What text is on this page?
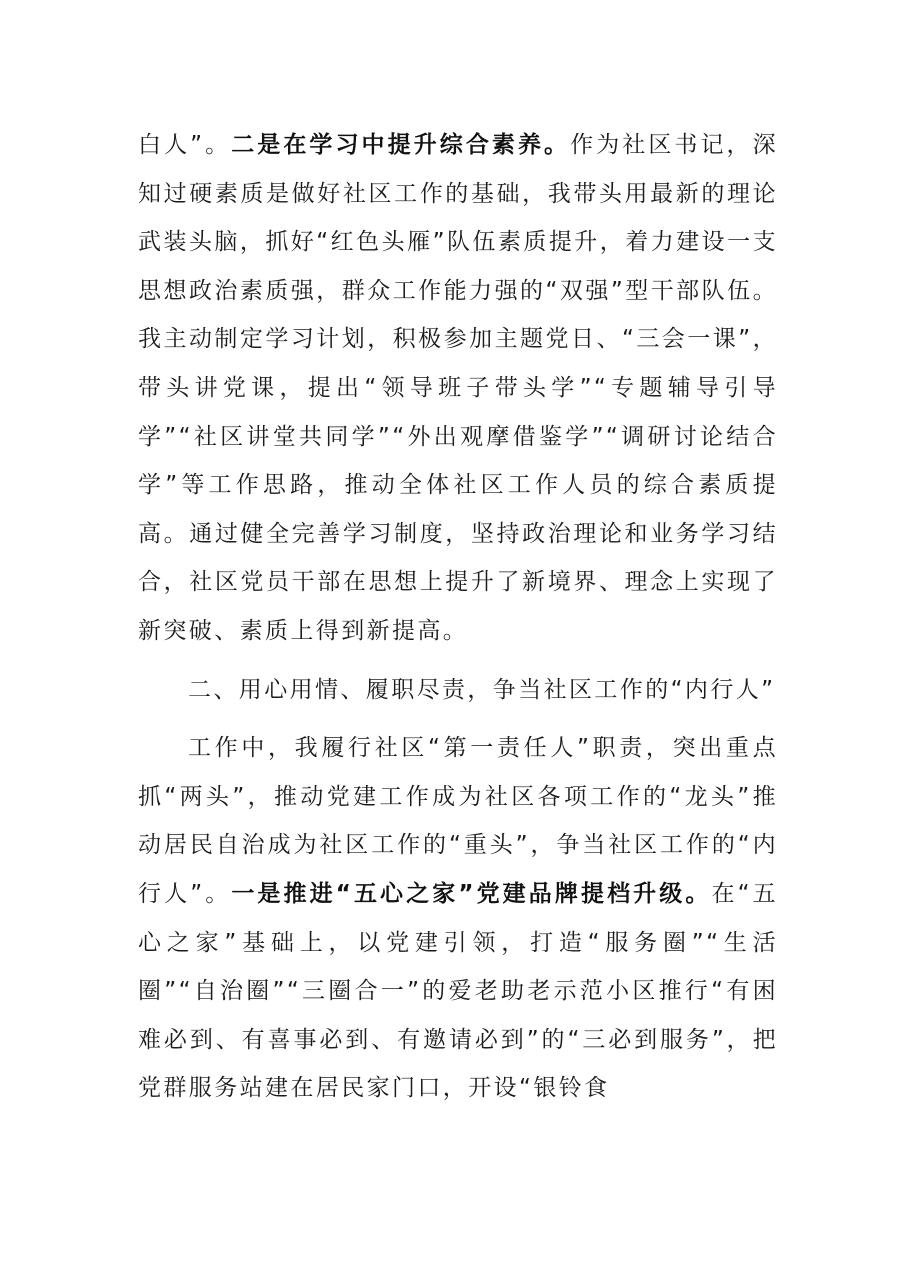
白人”。二是在学习中提升综合素养。作为社区书记，深知过硬素质是做好社区工作的基础，我带头用最新的理论武装头脑，抓好“红色头雁”队伍素质提升，着力建设一支思想政治素质强，群众工作能力强的“双强”型干部队伍。我主动制定学习计划，积极参加主题党日、“三会一课”，带头讲党课，提出“领导班子带头学”“专题辅导引导学”“社区讲堂共同学”“外出观摩借鉴学”“调研讨论结合学”等工作思路，推动全体社区工作人员的综合素质提高。通过健全完善学习制度，坚持政治理论和业务学习结合，社区党员干部在思想上提升了新境界、理念上实现了新突破、素质上得到新提高。

二、用心用情、履职尽责，争当社区工作的“内行人”

工作中，我履行社区“第一责任人”职责，突出重点抓“两头”，推动党建工作成为社区各项工作的“龙头”推动居民自治成为社区工作的“重头”，争当社区工作的“内行人”。一是推进“五心之家”党建品牌提档升级。在“五心之家”基础上，以党建引领，打造“服务圈”“生活圈”“自治圈”“三圈合一”的爱老助老示范小区推行“有困难必到、有喜事必到、有邀请必到”的“三必到服务”，把党群服务站建在居民家门口，开设“银铃食
